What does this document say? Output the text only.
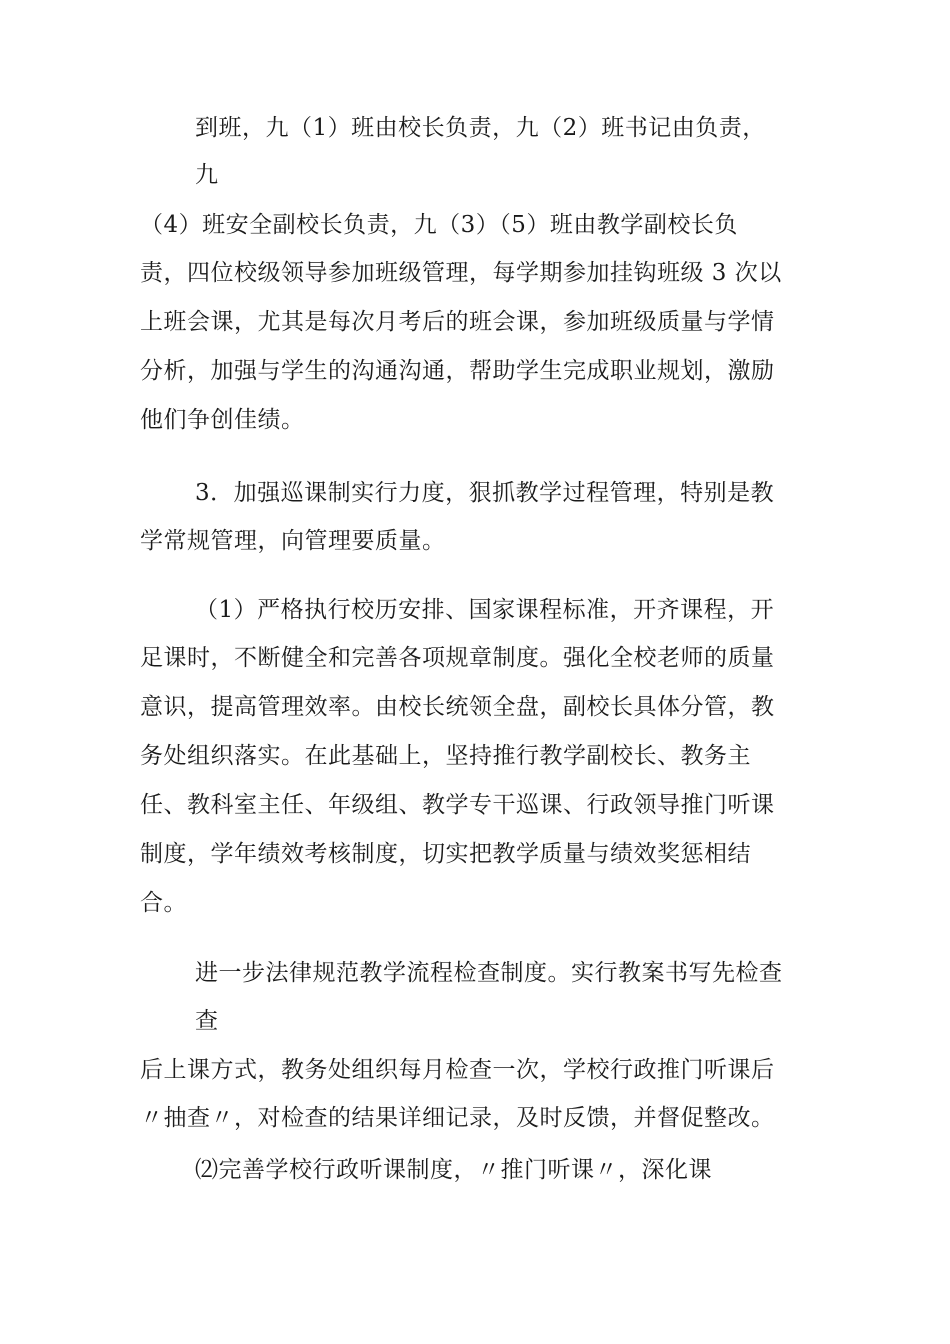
到班，九（1）班由校长负责，九（2）班书记由负责，
九
（4）班安全副校长负责，九（3）（5）班由教学副校长负
责，四位校级领导参加班级管理，每学期参加挂钩班级 3 次以
上班会课，尤其是每次月考后的班会课，参加班级质量与学情
分析，加强与学生的沟通沟通，帮助学生完成职业规划，激励
他们争创佳绩。
3．加强巡课制实行力度，狠抓教学过程管理，特别是教
学常规管理，向管理要质量。
（1）严格执行校历安排、国家课程标准，开齐课程，开
足课时，不断健全和完善各项规章制度。强化全校老师的质量
意识，提高管理效率。由校长统领全盘，副校长具体分管，教
务处组织落实。在此基础上，坚持推行教学副校长、教务主
任、教科室主任、年级组、教学专干巡课、行政领导推门听课
制度，学年绩效考核制度，切实把教学质量与绩效奖惩相结
合。
进一步法律规范教学流程检查制度。实行教案书写先检查
查
后上课方式，教务处组织每月检查一次，学校行政推门听课后
〃抽查〃，对检查的结果详细记录，及时反馈，并督促整改。
⑵完善学校行政听课制度，〃推门听课〃，深化课
